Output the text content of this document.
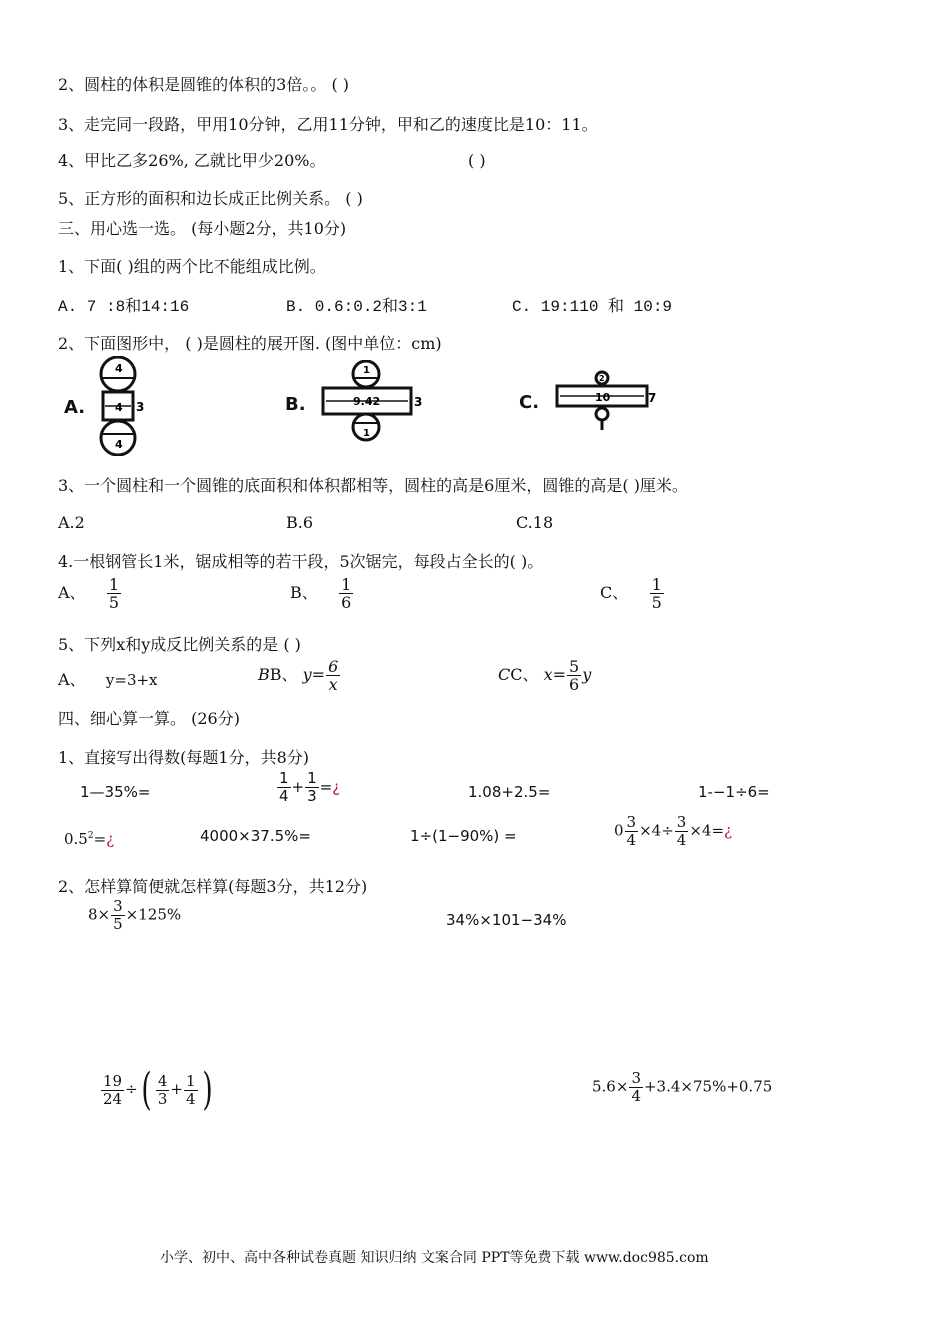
2、圆柱的体积是圆锥的体积的3倍。。 ( )
3、走完同一段路，甲用10分钟，乙用11分钟，甲和乙的速度比是10：11。
4、甲比乙多26%, 乙就比甲少20%。	( )
5、正方形的面积和边长成正比例关系。 ( )
三、用心选一选。 (每小题2分，共10分)
1、下面( )组的两个比不能组成比例。
A. 7 :8和14:16	B. 0.6:0.2和3:1	C. 19:110 和 10:9
2、下面图形中， ( )是圆柱的展开图. (图中单位：cm)
A.
4
4 3
4
B.
1
9.42	3
1
C.
2
10	7
3、一个圆柱和一个圆锥的底面积和体积都相等，圆柱的高是6厘米，圆锥的高是( )厘米。
A.2	B.6	C.18
4.一根钢管长1米，锯成相等的若干段，5次锯完，每段占全长的( )。
A、 $\frac{1}{5}$	B、 $\frac{1}{6}$	C、 $\frac{1}{5}$
5、下列x和y成反比例关系的是 ( )
A、 y=3+x	BB、 $y= \frac{6}{x}$	CC、 $x= \frac{5}{6}$ y
四、细心算一算。 (26分)
1、直接写出得数(每题1分，共8分)
1—35%=	$\frac{1}{4} + \frac{1}{3}$ =¿	1.08+2.5=	1-−1÷6=
$0.5^2=¿$	4000×37.5%=	1÷(1−90%) =	$0 \frac{3}{4} \times 4\div \frac{3}{4}$ ×4=¿
2、怎样算简便就怎样算(每题3分，共12分)
$8\times \frac{3}{5} \times 125\%$	34%×101−34%
$\frac{19}{24}$ ÷( $\frac{4}{3} + \frac{1}{4}$ )	$5.6\times \frac{3}{4} +3.4\times 75\%+0.75$
小学、初中、高中各种试卷真题 知识归纳 文案合同 PPT等免费下载 www.doc985.com
